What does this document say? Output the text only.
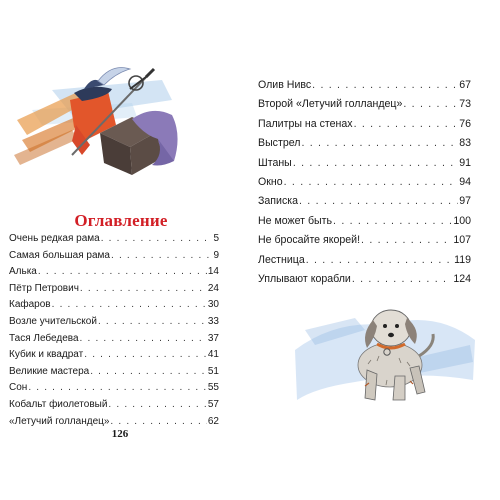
Оглавление
Очень редкая рама . . .	5
Самая большая рама . . .	9
Алька . . .	14
Пётр Петрович . . .	24
Кафаров . . .	30
Возле учительской . . .	33
Тася Лебедева . . .	37
Кубик и квадрат . . .	41
Великие мастера . . .	51
Сон . . .	55
Кобальт фиолетовый . . .	57
«Летучий голландец» . . .	62
Олив Нивс . . .	67
Второй «Летучий голландец» . . .	73
Палитры на стенах . . .	76
Выстрел . . .	83
Штаны . . .	91
Окно . . .	94
Записка . . .	97
Не может быть . . .	100
Не бросайте якорей! . . .	107
Лестница . . .	119
Уплывают корабли . . .	124
126
